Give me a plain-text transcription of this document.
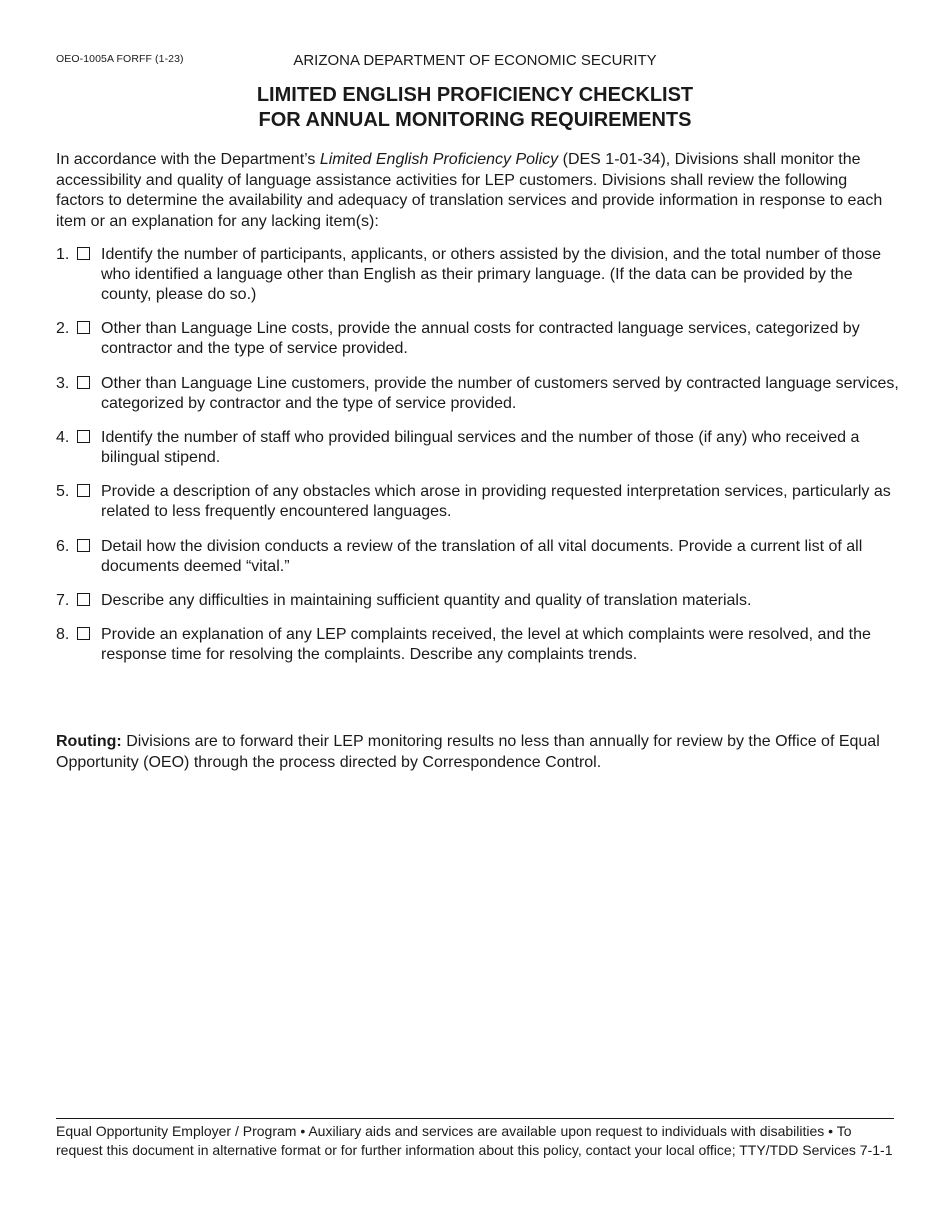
OEO-1005A FORFF (1-23)	ARIZONA DEPARTMENT OF ECONOMIC SECURITY
LIMITED ENGLISH PROFICIENCY CHECKLIST
FOR ANNUAL MONITORING REQUIREMENTS
In accordance with the Department’s Limited English Proficiency Policy (DES 1-01-34), Divisions shall monitor the accessibility and quality of language assistance activities for LEP customers. Divisions shall review the following factors to determine the availability and adequacy of translation services and provide information in response to each item or an explanation for any lacking item(s):
1. Identify the number of participants, applicants, or others assisted by the division, and the total number of those who identified a language other than English as their primary language. (If the data can be provided by the county, please do so.)
2. Other than Language Line costs, provide the annual costs for contracted language services, categorized by contractor and the type of service provided.
3. Other than Language Line customers, provide the number of customers served by contracted language services, categorized by contractor and the type of service provided.
4. Identify the number of staff who provided bilingual services and the number of those (if any) who received a bilingual stipend.
5. Provide a description of any obstacles which arose in providing requested interpretation services, particularly as related to less frequently encountered languages.
6. Detail how the division conducts a review of the translation of all vital documents. Provide a current list of all documents deemed “vital.”
7. Describe any difficulties in maintaining sufficient quantity and quality of translation materials.
8. Provide an explanation of any LEP complaints received, the level at which complaints were resolved, and the response time for resolving the complaints. Describe any complaints trends.
Routing: Divisions are to forward their LEP monitoring results no less than annually for review by the Office of Equal Opportunity (OEO) through the process directed by Correspondence Control.
Equal Opportunity Employer / Program • Auxiliary aids and services are available upon request to individuals with disabilities • To request this document in alternative format or for further information about this policy, contact your local office; TTY/TDD Services 7-1-1
